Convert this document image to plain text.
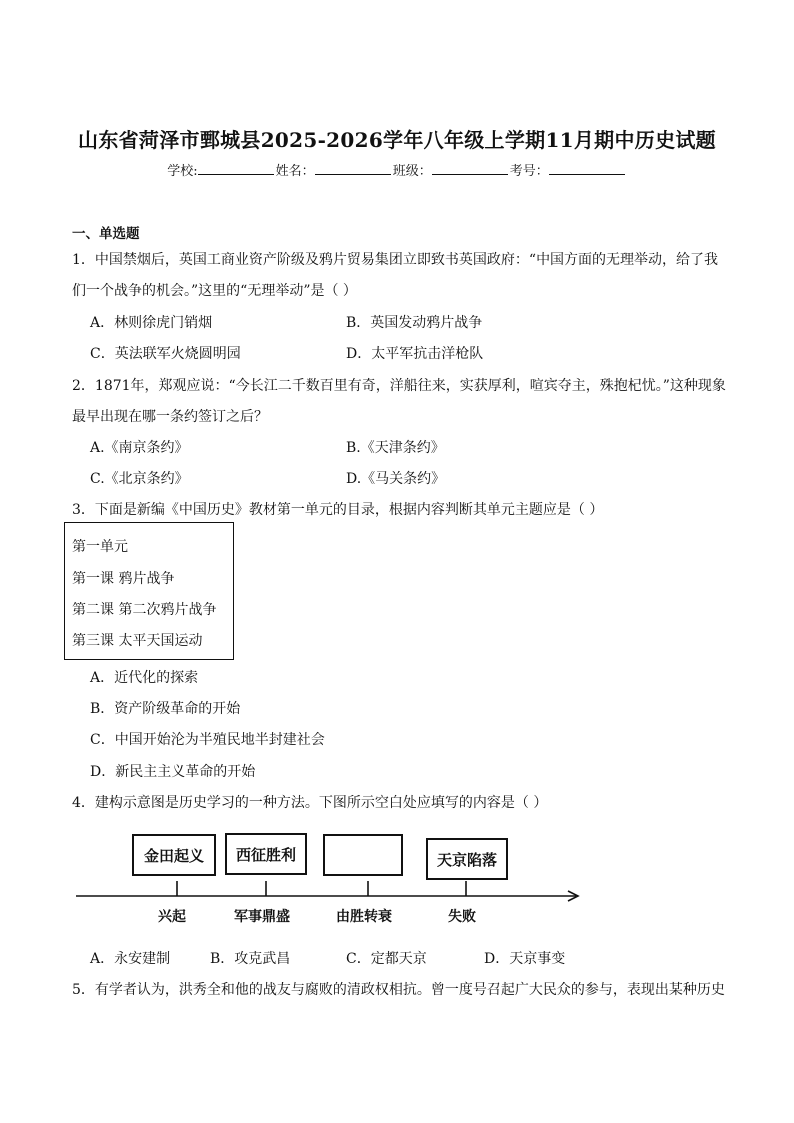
山东省菏泽市鄄城县2025-2026学年八年级上学期11月期中历史试题
学校:	姓名：	班级：	考号：
一、单选题
1．中国禁烟后，英国工商业资产阶级及鸦片贸易集团立即致书英国政府：“中国方面的无理举动，给了我
们一个战争的机会。”这里的“无理举动”是（ ）
A．林则徐虎门销烟	B．英国发动鸦片战争
C．英法联军火烧圆明园	D．太平军抗击洋枪队
2．1871年，郑观应说：“今长江二千数百里有奇，洋船往来，实获厚利，喧宾夺主，殊抱杞忧。”这种现象
最早出现在哪一条约签订之后？
A.《南京条约》	B.《天津条约》
C.《北京条约》	D.《马关条约》
3．下面是新编《中国历史》教材第一单元的目录，根据内容判断其单元主题应是（ ）
第一单元
第一课 鸦片战争
第二课 第二次鸦片战争
第三课 太平天国运动
A．近代化的探索
B．资产阶级革命的开始
C．中国开始沦为半殖民地半封建社会
D．新民主主义革命的开始
4．建构示意图是历史学习的一种方法。下图所示空白处应填写的内容是（ ）
金田起义	西征胜利	天京陷落
兴起	军事鼎盛	由胜转衰	失败
A．永安建制	B．攻克武昌	C．定都天京	D．天京事变
5．有学者认为，洪秀全和他的战友与腐败的清政权相抗。曾一度号召起广大民众的参与，表现出某种历史
